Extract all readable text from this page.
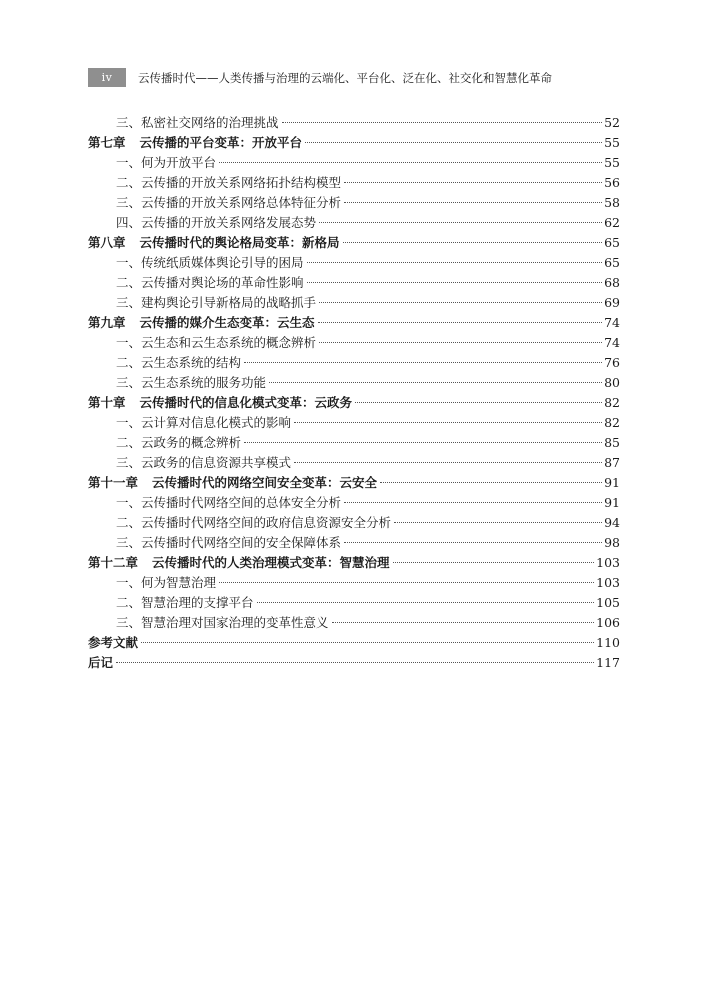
iv	云传播时代——人类传播与治理的云端化、平台化、泛在化、社交化和智慧化革命
三、私密社交网络的治理挑战	52
第七章 云传播的平台变革：开放平台	55
一、何为开放平台	55
二、云传播的开放关系网络拓扑结构模型	56
三、云传播的开放关系网络总体特征分析	58
四、云传播的开放关系网络发展态势	62
第八章 云传播时代的舆论格局变革：新格局	65
一、传统纸质媒体舆论引导的困局	65
二、云传播对舆论场的革命性影响	68
三、建构舆论引导新格局的战略抓手	69
第九章 云传播的媒介生态变革：云生态	74
一、云生态和云生态系统的概念辨析	74
二、云生态系统的结构	76
三、云生态系统的服务功能	80
第十章 云传播时代的信息化模式变革：云政务	82
一、云计算对信息化模式的影响	82
二、云政务的概念辨析	85
三、云政务的信息资源共享模式	87
第十一章 云传播时代的网络空间安全变革：云安全	91
一、云传播时代网络空间的总体安全分析	91
二、云传播时代网络空间的政府信息资源安全分析	94
三、云传播时代网络空间的安全保障体系	98
第十二章 云传播时代的人类治理模式变革：智慧治理	103
一、何为智慧治理	103
二、智慧治理的支撑平台	105
三、智慧治理对国家治理的变革性意义	106
参考文献	110
后记	117
